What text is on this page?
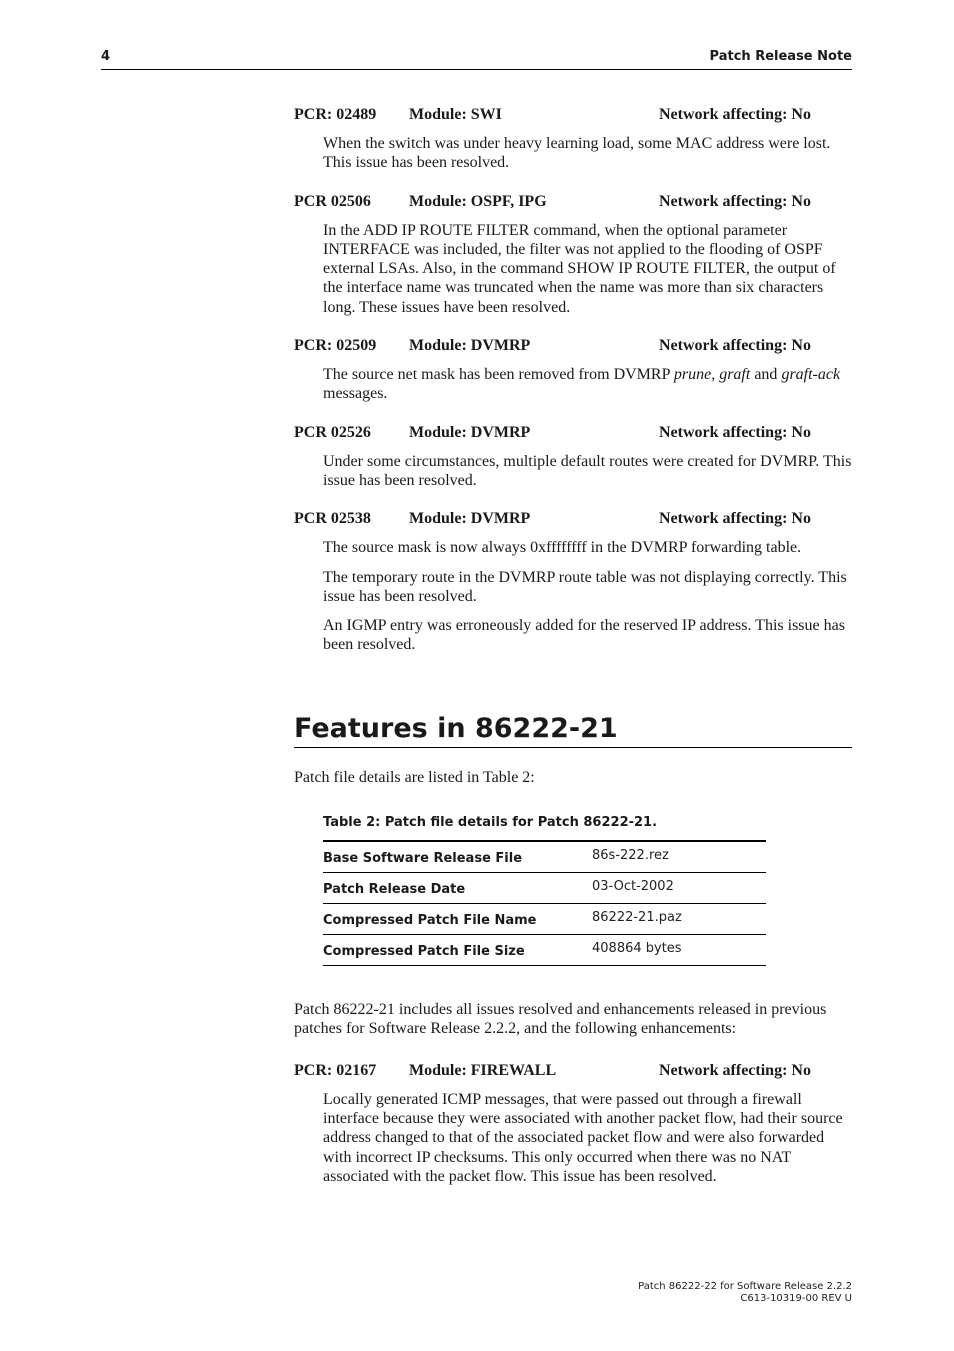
4	Patch Release Note
PCR: 02489 Module: SWI	Network affecting: No

When the switch was under heavy learning load, some MAC address were lost. This issue has been resolved.

PCR 02506 Module: OSPF, IPG	Network affecting: No

In the ADD IP ROUTE FILTER command, when the optional parameter INTERFACE was included, the filter was not applied to the flooding of OSPF external LSAs. Also, in the command SHOW IP ROUTE FILTER, the output of the interface name was truncated when the name was more than six characters long. These issues have been resolved.

PCR: 02509 Module: DVMRP	Network affecting: No

The source net mask has been removed from DVMRP prune, graft and graft-ack messages.

PCR 02526 Module: DVMRP	Network affecting: No

Under some circumstances, multiple default routes were created for DVMRP. This issue has been resolved.

PCR 02538 Module: DVMRP	Network affecting: No

The source mask is now always 0xffffffff in the DVMRP forwarding table.

The temporary route in the DVMRP route table was not displaying correctly. This issue has been resolved.

An IGMP entry was erroneously added for the reserved IP address. This issue has been resolved.

Features in 86222-21

Patch file details are listed in Table 2:

Table 2: Patch file details for Patch 86222-21.
Base Software Release File	86s-222.rez
Patch Release Date	03-Oct-2002
Compressed Patch File Name	86222-21.paz
Compressed Patch File Size	408864 bytes

Patch 86222-21 includes all issues resolved and enhancements released in previous patches for Software Release 2.2.2, and the following enhancements:

PCR: 02167 Module: FIREWALL	Network affecting: No

Locally generated ICMP messages, that were passed out through a firewall interface because they were associated with another packet flow, had their source address changed to that of the associated packet flow and were also forwarded with incorrect IP checksums. This only occurred when there was no NAT associated with the packet flow. This issue has been resolved.

Patch 86222-22 for Software Release 2.2.2
C613-10319-00 REV U
